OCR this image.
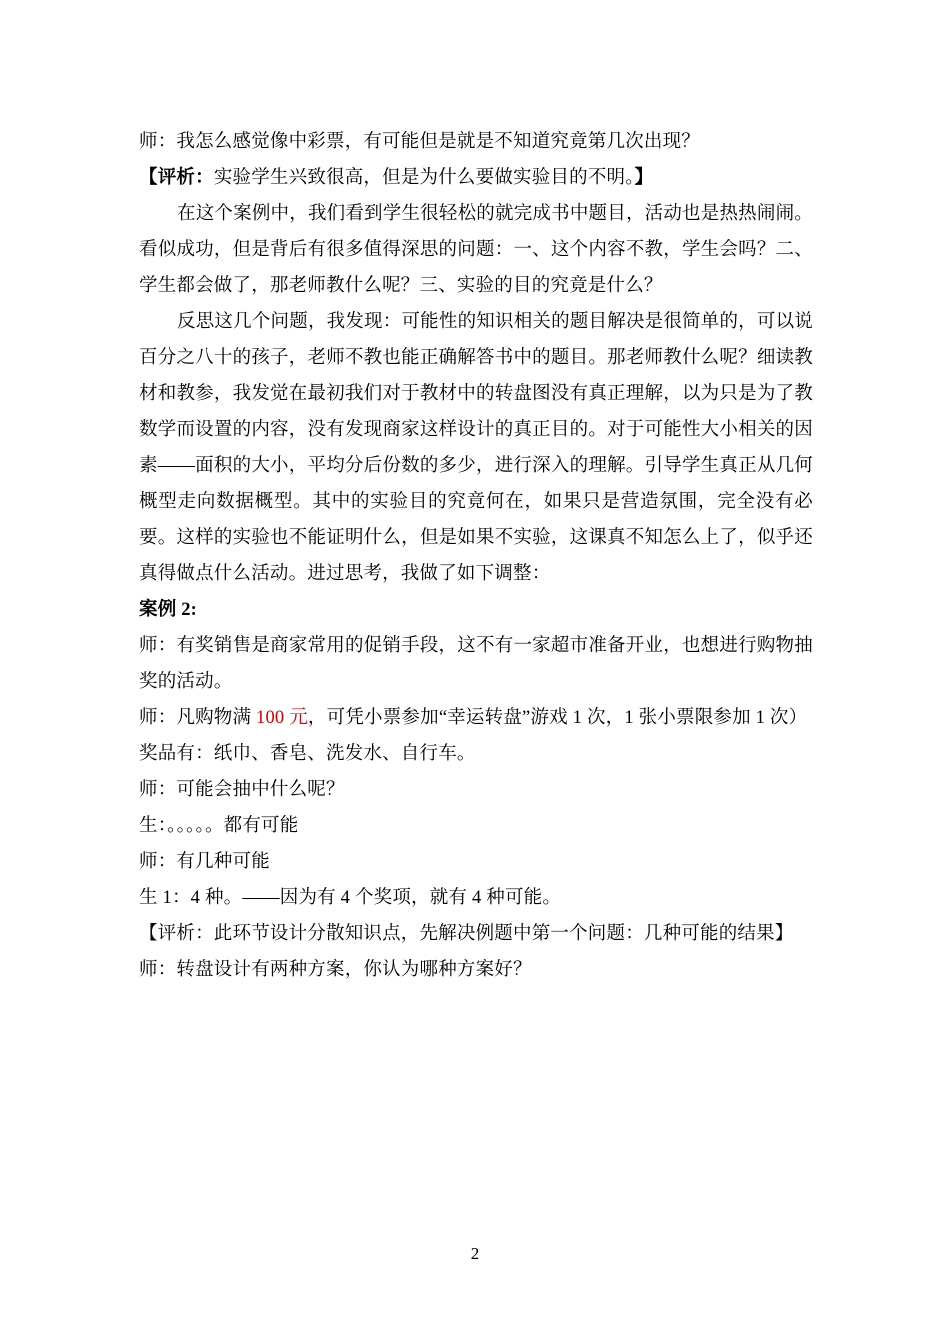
师：我怎么感觉像中彩票，有可能但是就是不知道究竟第几次出现？

【评析：实验学生兴致很高，但是为什么要做实验目的不明。】

在这个案例中，我们看到学生很轻松的就完成书中题目，活动也是热热闹闹。看似成功，但是背后有很多值得深思的问题：一、这个内容不教，学生会吗？二、学生都会做了，那老师教什么呢？三、实验的目的究竟是什么？

反思这几个问题，我发现：可能性的知识相关的题目解决是很简单的，可以说百分之八十的孩子，老师不教也能正确解答书中的题目。那老师教什么呢？细读教材和教参，我发觉在最初我们对于教材中的转盘图没有真正理解，以为只是为了教数学而设置的内容，没有发现商家这样设计的真正目的。对于可能性大小相关的因素——面积的大小，平均分后份数的多少，进行深入的理解。引导学生真正从几何概型走向数据概型。其中的实验目的究竟何在，如果只是营造氛围，完全没有必要。这样的实验也不能证明什么，但是如果不实验，这课真不知怎么上了，似乎还真得做点什么活动。进过思考，我做了如下调整：

案例 2:

师：有奖销售是商家常用的促销手段，这不有一家超市准备开业，也想进行购物抽奖的活动。

师：凡购物满 100 元，可凭小票参加“幸运转盘”游戏 1 次，1 张小票限参加 1 次）

奖品有：纸巾、香皂、洗发水、自行车。

师：可能会抽中什么呢？

生：。。。。。都有可能

师：有几种可能

生 1：4 种。——因为有 4 个奖项，就有 4 种可能。

【评析：此环节设计分散知识点，先解决例题中第一个问题：几种可能的结果】

师：转盘设计有两种方案，你认为哪种方案好？

2
